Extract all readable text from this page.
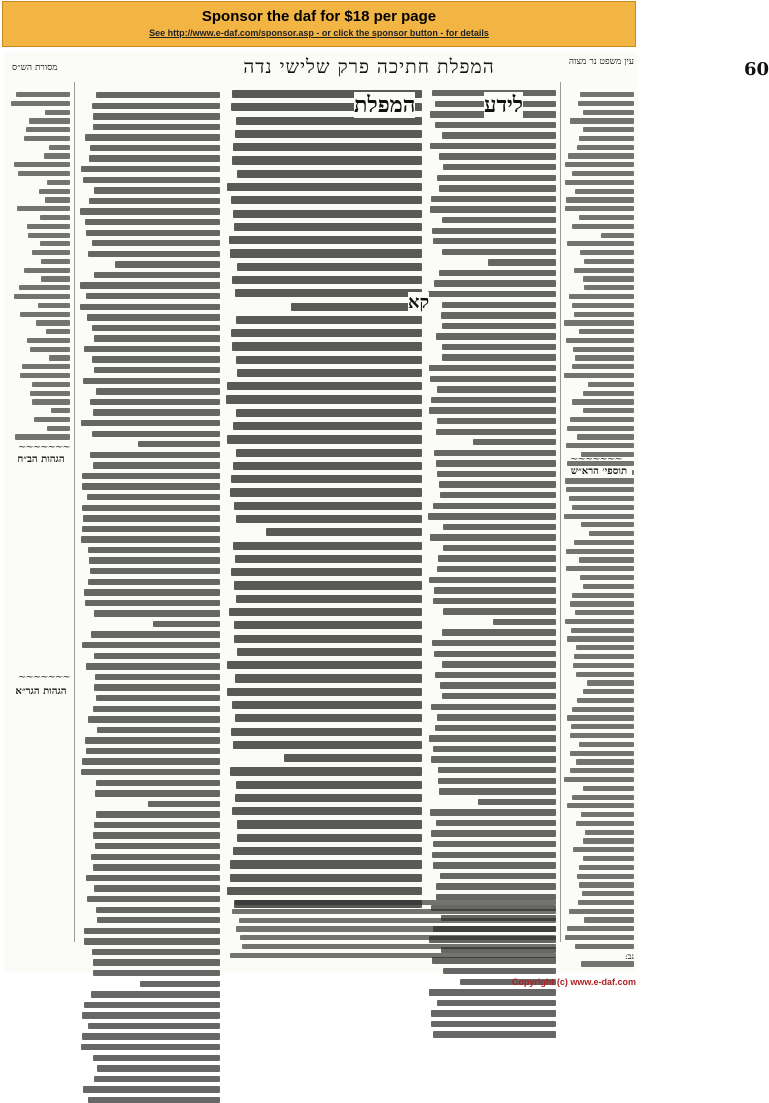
Sponsor the daf for $18 per page
See http://www.e-daf.com/sponsor.asp - or click the sponsor button - for details
המפלת חתיכה פרק שלישי נדה	60
עין משפט נר מצוה
מסורת הש״ס
לידע
המפלת
קא
הגהות הב״ח
הגהות הגר״א
תוספי׳ הרא״ש
~~~~~~~
~~~~~~~
~~~~~~~
נב:
Copyright (c) www.e-daf.com
